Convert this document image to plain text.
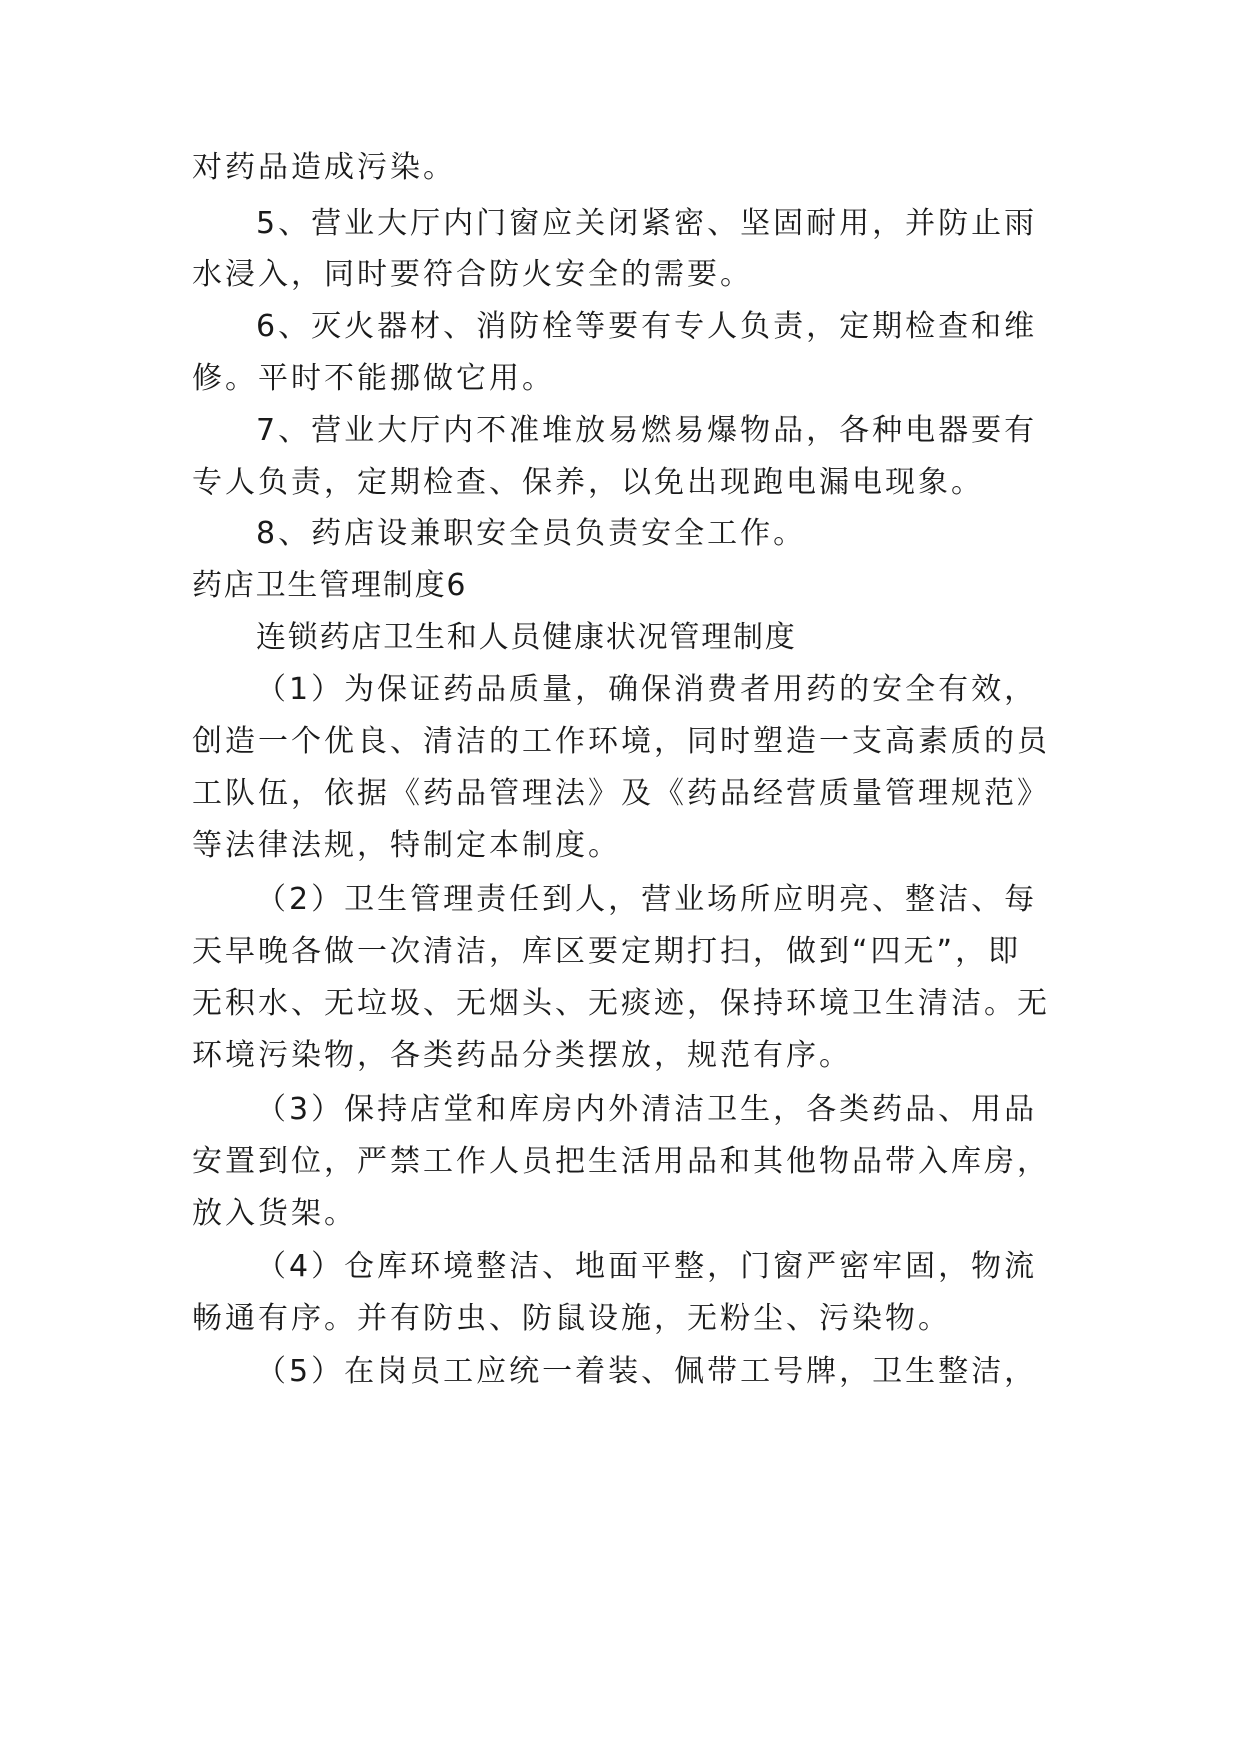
对药品造成污染。
5、营业大厅内门窗应关闭紧密、坚固耐用，并防止雨
水浸入，同时要符合防火安全的需要。
6、灭火器材、消防栓等要有专人负责，定期检查和维
修。平时不能挪做它用。
7、营业大厅内不准堆放易燃易爆物品，各种电器要有
专人负责，定期检查、保养，以免出现跑电漏电现象。
8、药店设兼职安全员负责安全工作。
药店卫生管理制度6
连锁药店卫生和人员健康状况管理制度
（1）为保证药品质量，确保消费者用药的安全有效，
创造一个优良、清洁的工作环境，同时塑造一支高素质的员
工队伍，依据《药品管理法》及《药品经营质量管理规范》
等法律法规，特制定本制度。
（2）卫生管理责任到人，营业场所应明亮、整洁、每
天早晚各做一次清洁，库区要定期打扫，做到“四无”，即
无积水、无垃圾、无烟头、无痰迹，保持环境卫生清洁。无
环境污染物，各类药品分类摆放，规范有序。
（3）保持店堂和库房内外清洁卫生，各类药品、用品
安置到位，严禁工作人员把生活用品和其他物品带入库房，
放入货架。
（4）仓库环境整洁、地面平整，门窗严密牢固，物流
畅通有序。并有防虫、防鼠设施，无粉尘、污染物。
（5）在岗员工应统一着装、佩带工号牌，卫生整洁，
